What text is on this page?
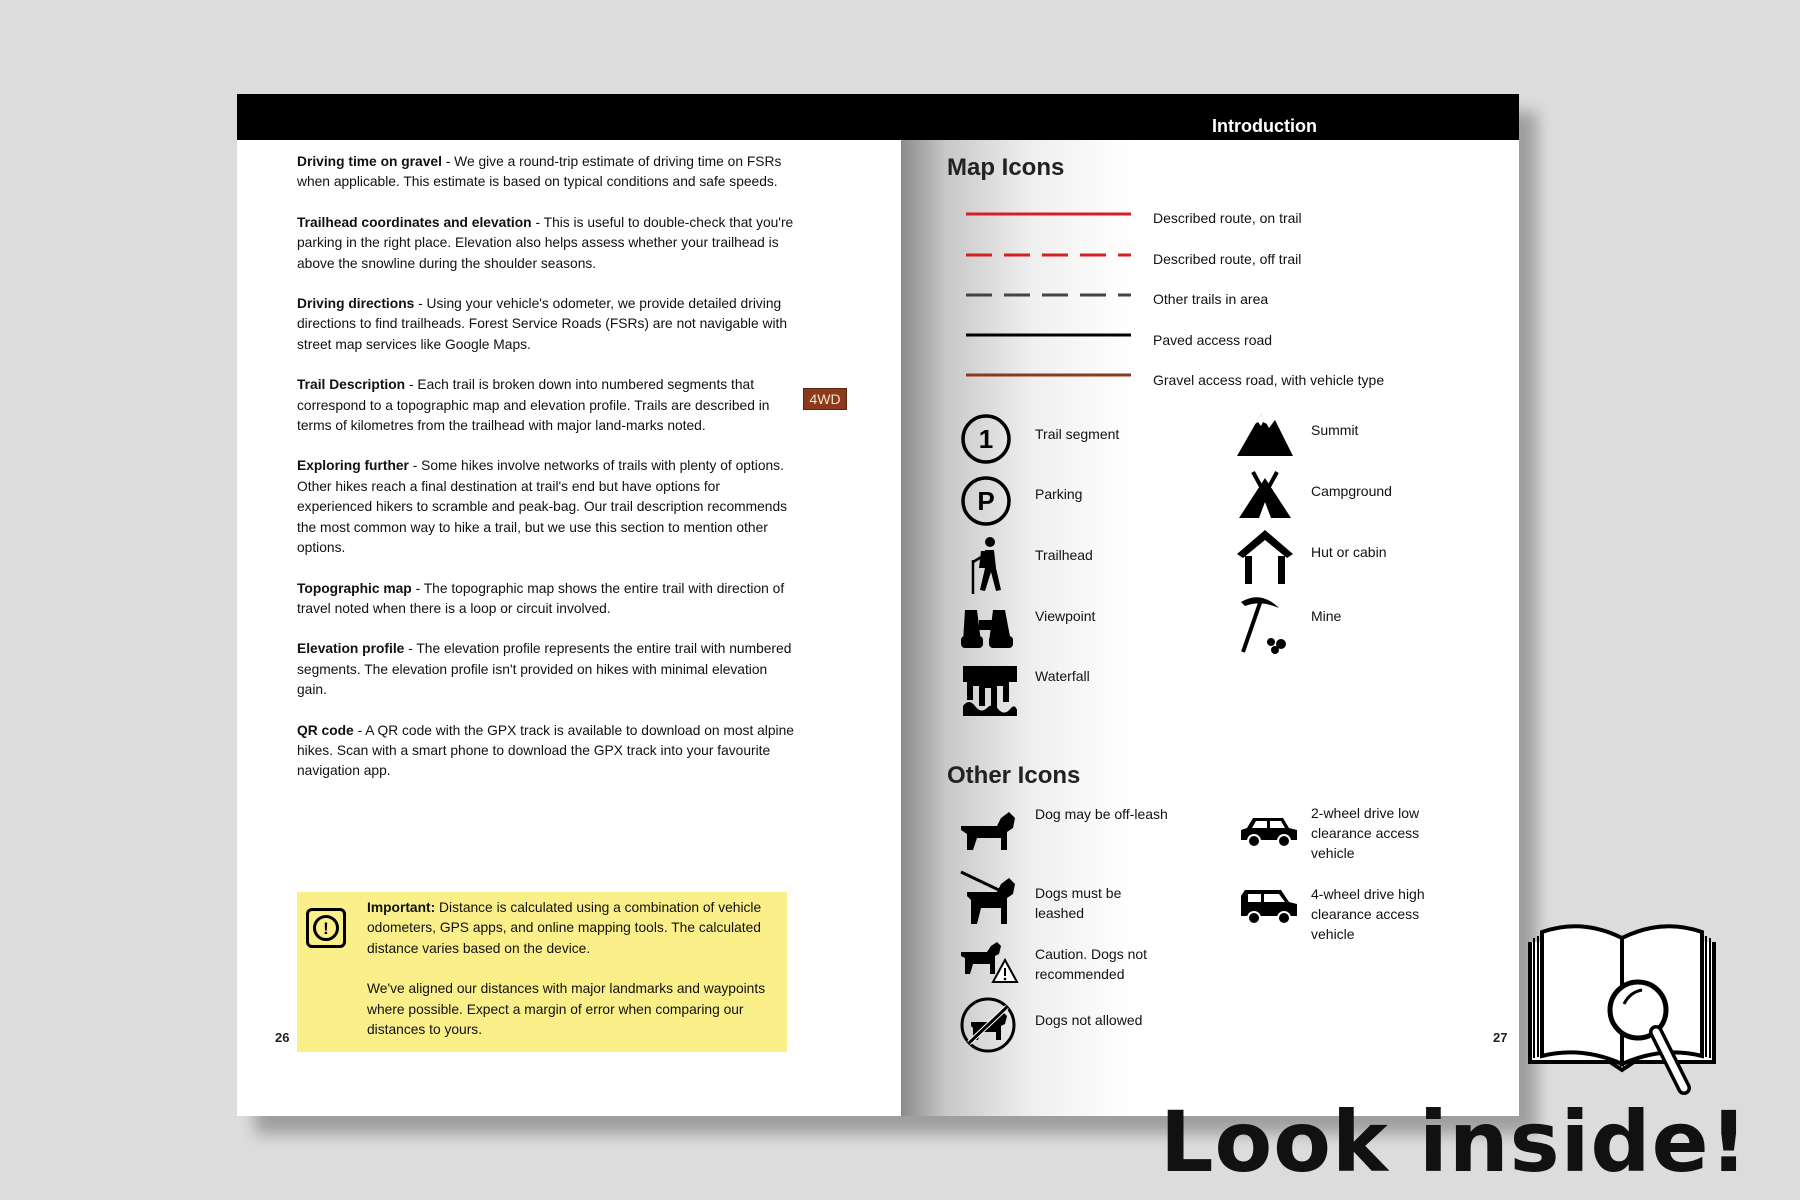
Introduction

Driving time on gravel - We give a round-trip estimate of driving time on FSRs when applicable. This estimate is based on typical conditions and safe speeds.

Trailhead coordinates and elevation - This is useful to double-check that you're parking in the right place. Elevation also helps assess whether your trailhead is above the snowline during the shoulder seasons.

Driving directions - Using your vehicle's odometer, we provide detailed driving directions to find trailheads. Forest Service Roads (FSRs) are not navigable with street map services like Google Maps.

Trail Description - Each trail is broken down into numbered segments that correspond to a topographic map and elevation profile. Trails are described in terms of kilometres from the trailhead with major land-marks noted.

Exploring further - Some hikes involve networks of trails with plenty of options. Other hikes reach a final destination at trail's end but have options for experienced hikers to scramble and peak-bag. Our trail description recommends the most common way to hike a trail, but we use this section to mention other options.

Topographic map - The topographic map shows the entire trail with direction of travel noted when there is a loop or circuit involved.

Elevation profile - The elevation profile represents the entire trail with numbered segments. The elevation profile isn't provided on hikes with minimal elevation gain.

QR code - A QR code with the GPX track is available to download on most alpine hikes. Scan with a smart phone to download the GPX track into your favourite navigation app.

!

Important: Distance is calculated using a combination of vehicle odometers, GPS apps, and online mapping tools. The calculated distance varies based on the device.

We've aligned our distances with major landmarks and waypoints where possible. Expect a margin of error when comparing our distances to yours.

26
Map Icons
Described route, on trail
Described route, off trail
Other trails in area
Paved access road
Gravel access road, with vehicle type
1	Trail segment
P	Parking
Trailhead
Viewpoint
Waterfall
Summit
Campground
Hut or cabin
Mine
Other Icons
Dog may be off-leash
Dogs must be leashed
Caution. Dogs not recommended
Dogs not allowed
2-wheel drive low clearance access vehicle
4-wheel drive high clearance access vehicle
27
4WD
Look inside!
